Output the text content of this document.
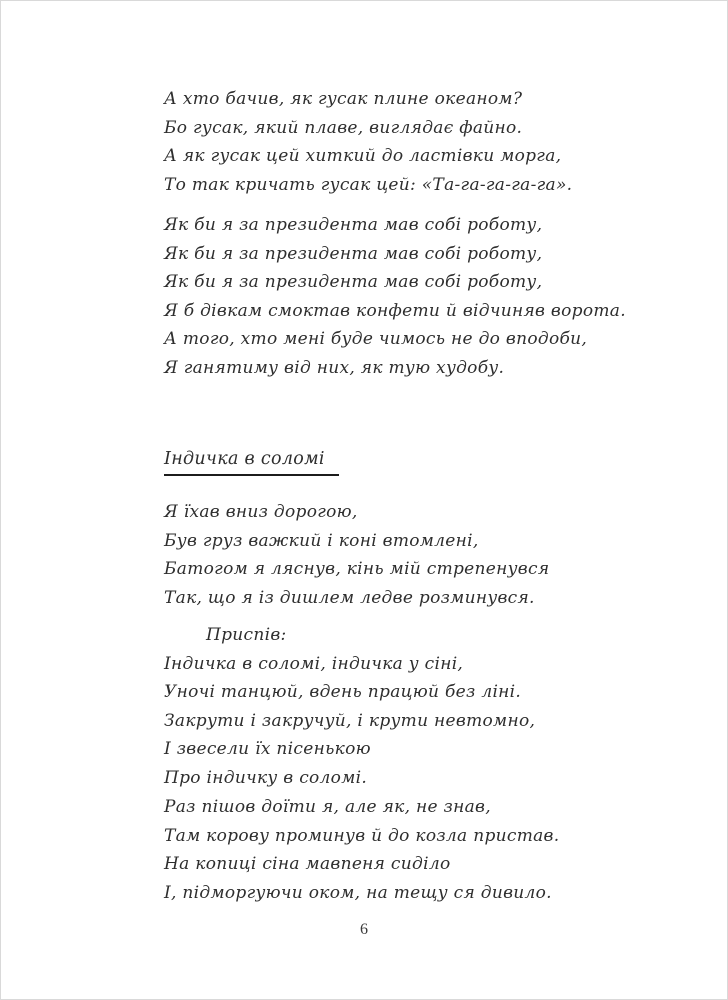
А хто бачив, як гусак плине океаном?
Бо гусак, який плаве, виглядає файно.
А як гусак цей хиткий до ластівки морга,
То так кричать гусак цей: «Та-га-га-га-га».
Як би я за президента мав собі роботу,
Як би я за президента мав собі роботу,
Як би я за президента мав собі роботу,
Я б дівкам смоктав конфети й відчиняв ворота.
А того, хто мені буде чимось не до вподоби,
Я ганятиму від них, як тую худобу.
Індичка в соломі
Я їхав вниз дорогою,
Був груз важкий і коні втомлені,
Батогом я ляснув, кінь мій стрепенувся
Так, що я із дишлем ледве розминувся.
Приспів:
Індичка в соломі, індичка у сіні,
Уночі танцюй, вдень працюй без ліні.
Закрути і закручуй, і крути невтомно,
І звесели їх пісенькою
Про індичку в соломі.
Раз пішов доїти я, але як, не знав,
Там корову проминув й до козла пристав.
На копиці сіна мавпеня сиділо
І, підморгуючи оком, на тещу ся дивило.
6
